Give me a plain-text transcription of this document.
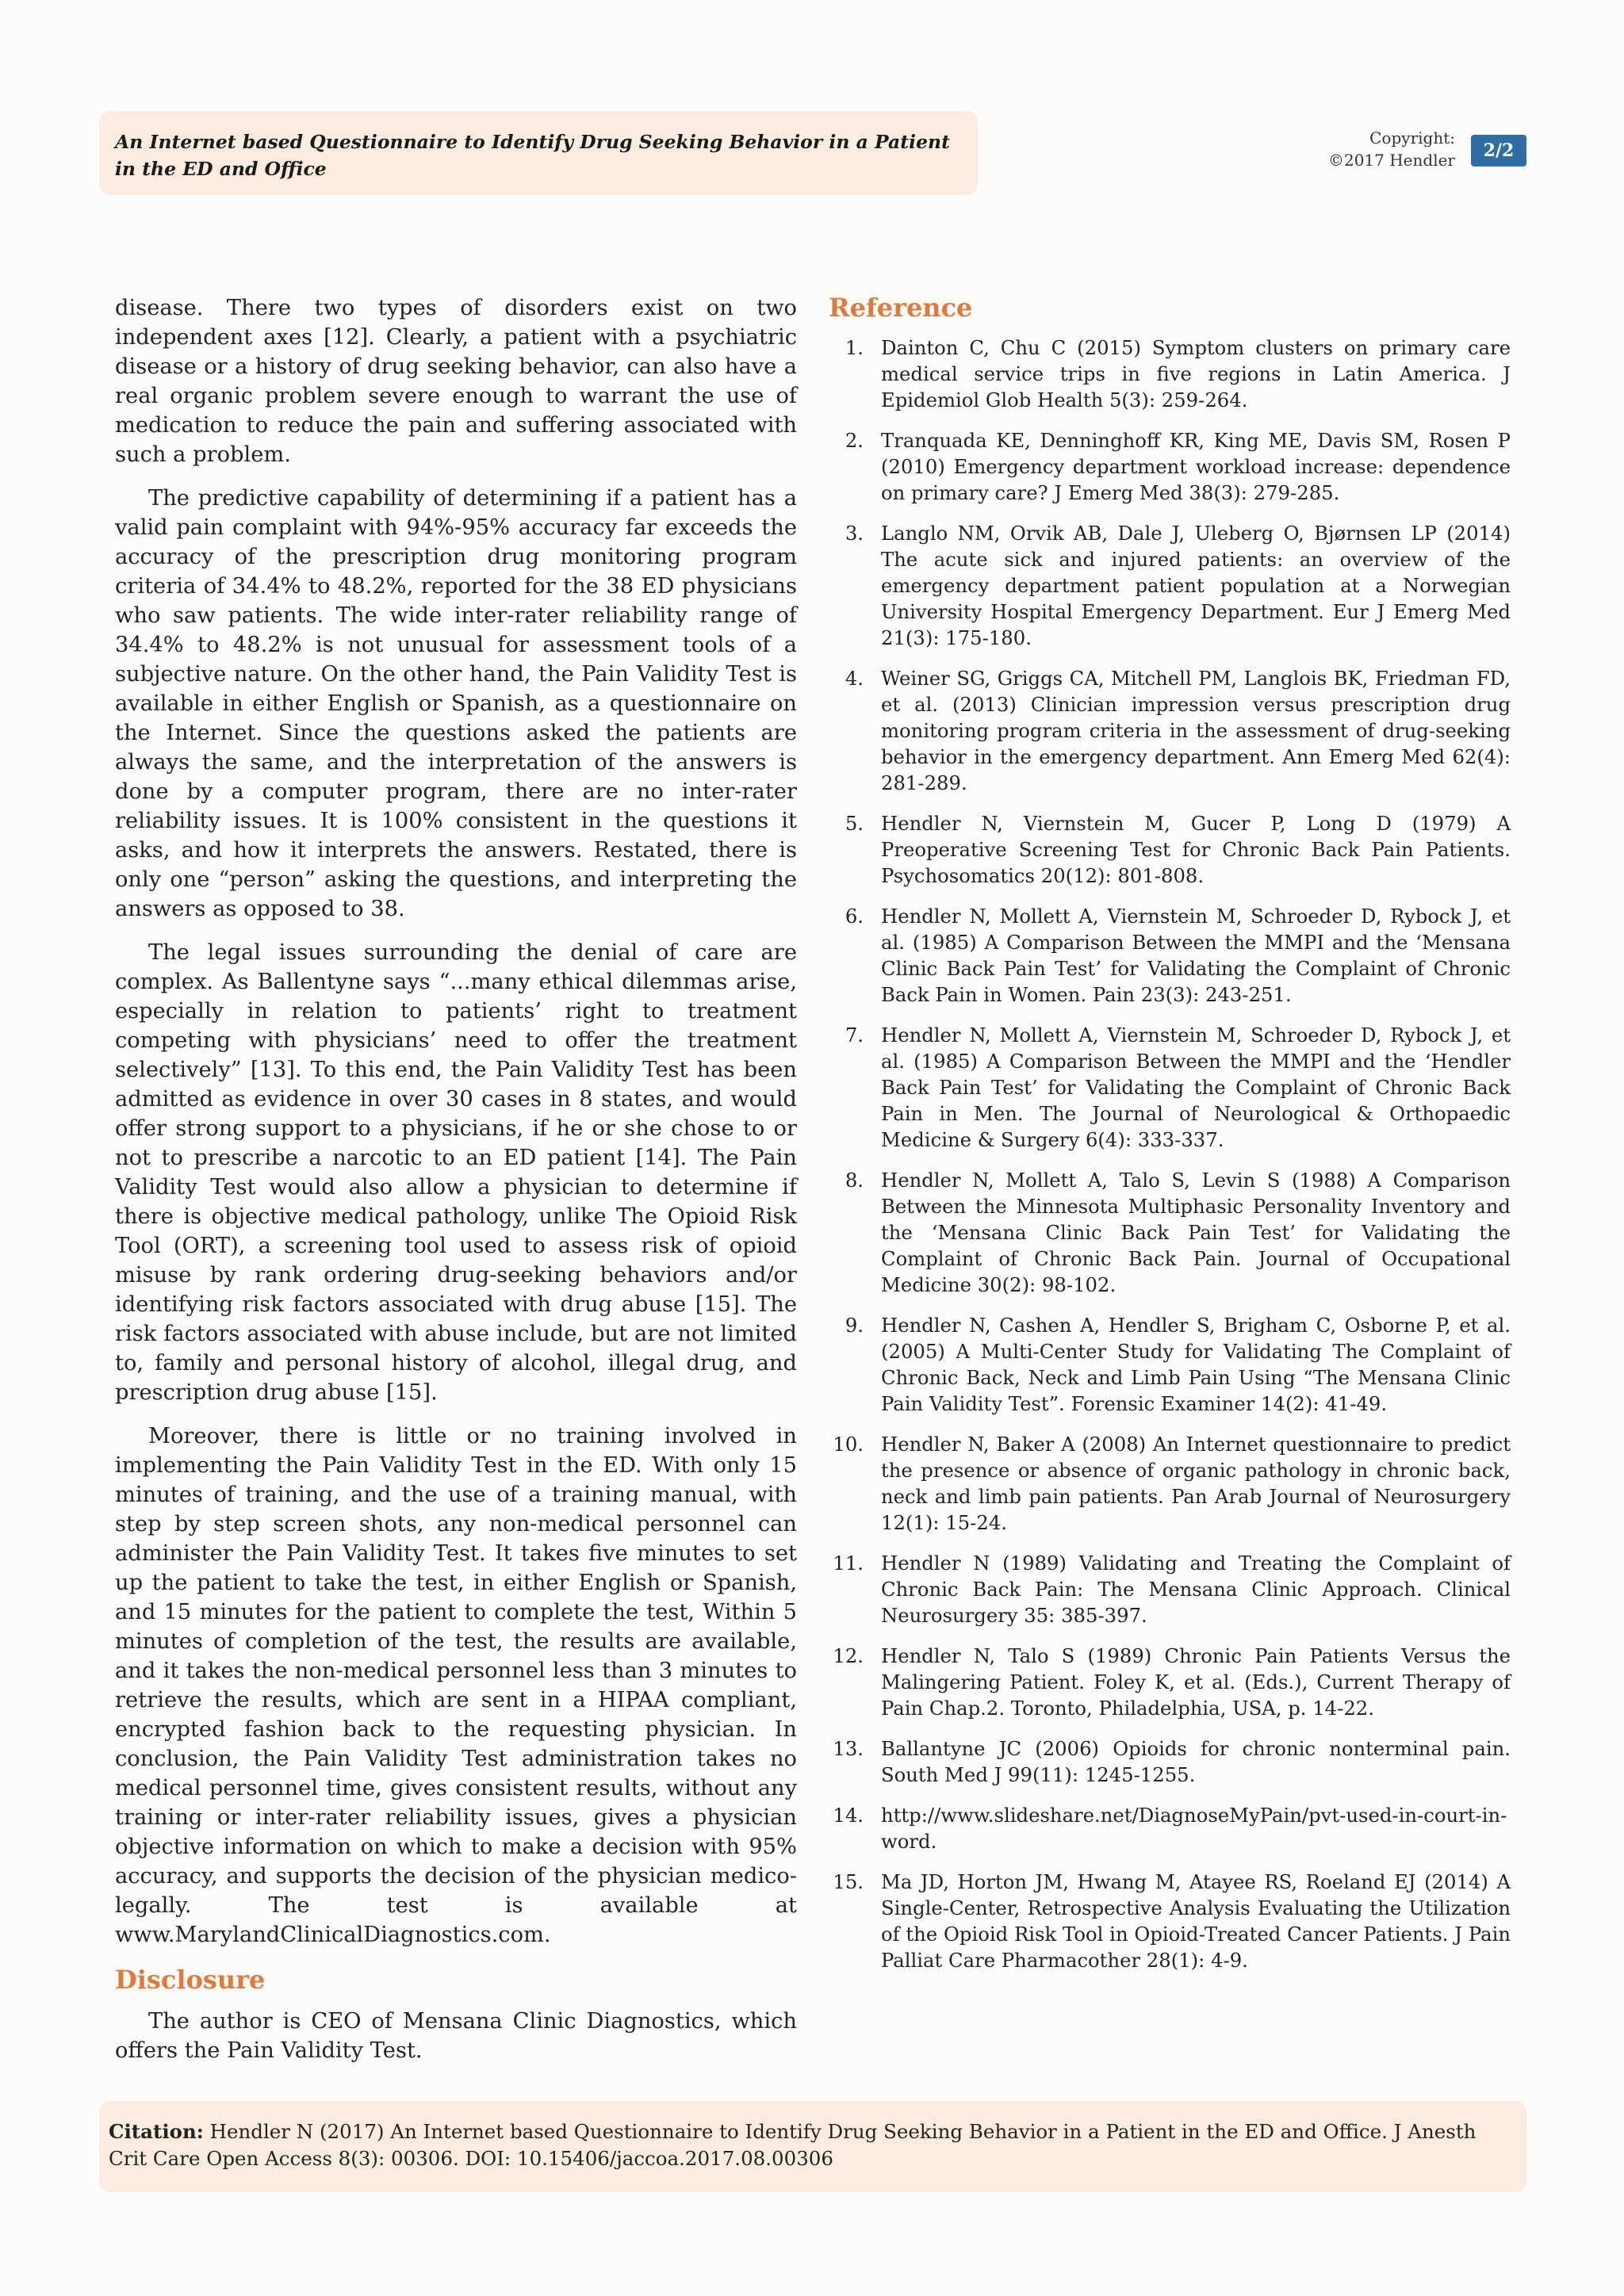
An Internet based Questionnaire to Identify Drug Seeking Behavior in a Patient in the ED and Office
Copyright:
©2017 Hendler	2/2

disease. There two types of disorders exist on two independent axes [12]. Clearly, a patient with a psychiatric disease or a history of drug seeking behavior, can also have a real organic problem severe enough to warrant the use of medication to reduce the pain and suffering associated with such a problem.

The predictive capability of determining if a patient has a valid pain complaint with 94%-95% accuracy far exceeds the accuracy of the prescription drug monitoring program criteria of 34.4% to 48.2%, reported for the 38 ED physicians who saw patients. The wide inter-rater reliability range of 34.4% to 48.2% is not unusual for assessment tools of a subjective nature. On the other hand, the Pain Validity Test is available in either English or Spanish, as a questionnaire on the Internet. Since the questions asked the patients are always the same, and the interpretation of the answers is done by a computer program, there are no inter-rater reliability issues. It is 100% consistent in the questions it asks, and how it interprets the answers. Restated, there is only one “person” asking the questions, and interpreting the answers as opposed to 38.

The legal issues surrounding the denial of care are complex. As Ballentyne says “...many ethical dilemmas arise, especially in relation to patients’ right to treatment competing with physicians’ need to offer the treatment selectively” [13]. To this end, the Pain Validity Test has been admitted as evidence in over 30 cases in 8 states, and would offer strong support to a physicians, if he or she chose to or not to prescribe a narcotic to an ED patient [14]. The Pain Validity Test would also allow a physician to determine if there is objective medical pathology, unlike The Opioid Risk Tool (ORT), a screening tool used to assess risk of opioid misuse by rank ordering drug-seeking behaviors and/or identifying risk factors associated with drug abuse [15]. The risk factors associated with abuse include, but are not limited to, family and personal history of alcohol, illegal drug, and prescription drug abuse [15].

Moreover, there is little or no training involved in implementing the Pain Validity Test in the ED. With only 15 minutes of training, and the use of a training manual, with step by step screen shots, any non-medical personnel can administer the Pain Validity Test. It takes five minutes to set up the patient to take the test, in either English or Spanish, and 15 minutes for the patient to complete the test, Within 5 minutes of completion of the test, the results are available, and it takes the non-medical personnel less than 3 minutes to retrieve the results, which are sent in a HIPAA compliant, encrypted fashion back to the requesting physician. In conclusion, the Pain Validity Test administration takes no medical personnel time, gives consistent results, without any training or inter-rater reliability issues, gives a physician objective information on which to make a decision with 95% accuracy, and supports the decision of the physician medico-legally. The test is available at www.MarylandClinicalDiagnostics.com.

Disclosure

The author is CEO of Mensana Clinic Diagnostics, which offers the Pain Validity Test.

Reference
1. Dainton C, Chu C (2015) Symptom clusters on primary care medical service trips in five regions in Latin America. J Epidemiol Glob Health 5(3): 259-264.
2. Tranquada KE, Denninghoff KR, King ME, Davis SM, Rosen P (2010) Emergency department workload increase: dependence on primary care? J Emerg Med 38(3): 279-285.
3. Langlo NM, Orvik AB, Dale J, Uleberg O, Bjørnsen LP (2014) The acute sick and injured patients: an overview of the emergency department patient population at a Norwegian University Hospital Emergency Department. Eur J Emerg Med 21(3): 175-180.
4. Weiner SG, Griggs CA, Mitchell PM, Langlois BK, Friedman FD, et al. (2013) Clinician impression versus prescription drug monitoring program criteria in the assessment of drug-seeking behavior in the emergency department. Ann Emerg Med 62(4): 281-289.
5. Hendler N, Viernstein M, Gucer P, Long D (1979) A Preoperative Screening Test for Chronic Back Pain Patients. Psychosomatics 20(12): 801-808.
6. Hendler N, Mollett A, Viernstein M, Schroeder D, Rybock J, et al. (1985) A Comparison Between the MMPI and the ‘Mensana Clinic Back Pain Test’ for Validating the Complaint of Chronic Back Pain in Women. Pain 23(3): 243-251.
7. Hendler N, Mollett A, Viernstein M, Schroeder D, Rybock J, et al. (1985) A Comparison Between the MMPI and the ‘Hendler Back Pain Test’ for Validating the Complaint of Chronic Back Pain in Men. The Journal of Neurological & Orthopaedic Medicine & Surgery 6(4): 333-337.
8. Hendler N, Mollett A, Talo S, Levin S (1988) A Comparison Between the Minnesota Multiphasic Personality Inventory and the ‘Mensana Clinic Back Pain Test’ for Validating the Complaint of Chronic Back Pain. Journal of Occupational Medicine 30(2): 98-102.
9. Hendler N, Cashen A, Hendler S, Brigham C, Osborne P, et al. (2005) A Multi-Center Study for Validating The Complaint of Chronic Back, Neck and Limb Pain Using “The Mensana Clinic Pain Validity Test”. Forensic Examiner 14(2): 41-49.
10. Hendler N, Baker A (2008) An Internet questionnaire to predict the presence or absence of organic pathology in chronic back, neck and limb pain patients. Pan Arab Journal of Neurosurgery 12(1): 15-24.
11. Hendler N (1989) Validating and Treating the Complaint of Chronic Back Pain: The Mensana Clinic Approach. Clinical Neurosurgery 35: 385-397.
12. Hendler N, Talo S (1989) Chronic Pain Patients Versus the Malingering Patient. Foley K, et al. (Eds.), Current Therapy of Pain Chap.2. Toronto, Philadelphia, USA, p. 14-22.
13. Ballantyne JC (2006) Opioids for chronic nonterminal pain. South Med J 99(11): 1245-1255.
14. http://www.slideshare.net/DiagnoseMyPain/pvt-used-in-court-in-word.
15. Ma JD, Horton JM, Hwang M, Atayee RS, Roeland EJ (2014) A Single-Center, Retrospective Analysis Evaluating the Utilization of the Opioid Risk Tool in Opioid-Treated Cancer Patients. J Pain Palliat Care Pharmacother 28(1): 4-9.
Citation: Hendler N (2017) An Internet based Questionnaire to Identify Drug Seeking Behavior in a Patient in the ED and Office. J Anesth Crit Care Open Access 8(3): 00306. DOI: 10.15406/jaccoa.2017.08.00306
